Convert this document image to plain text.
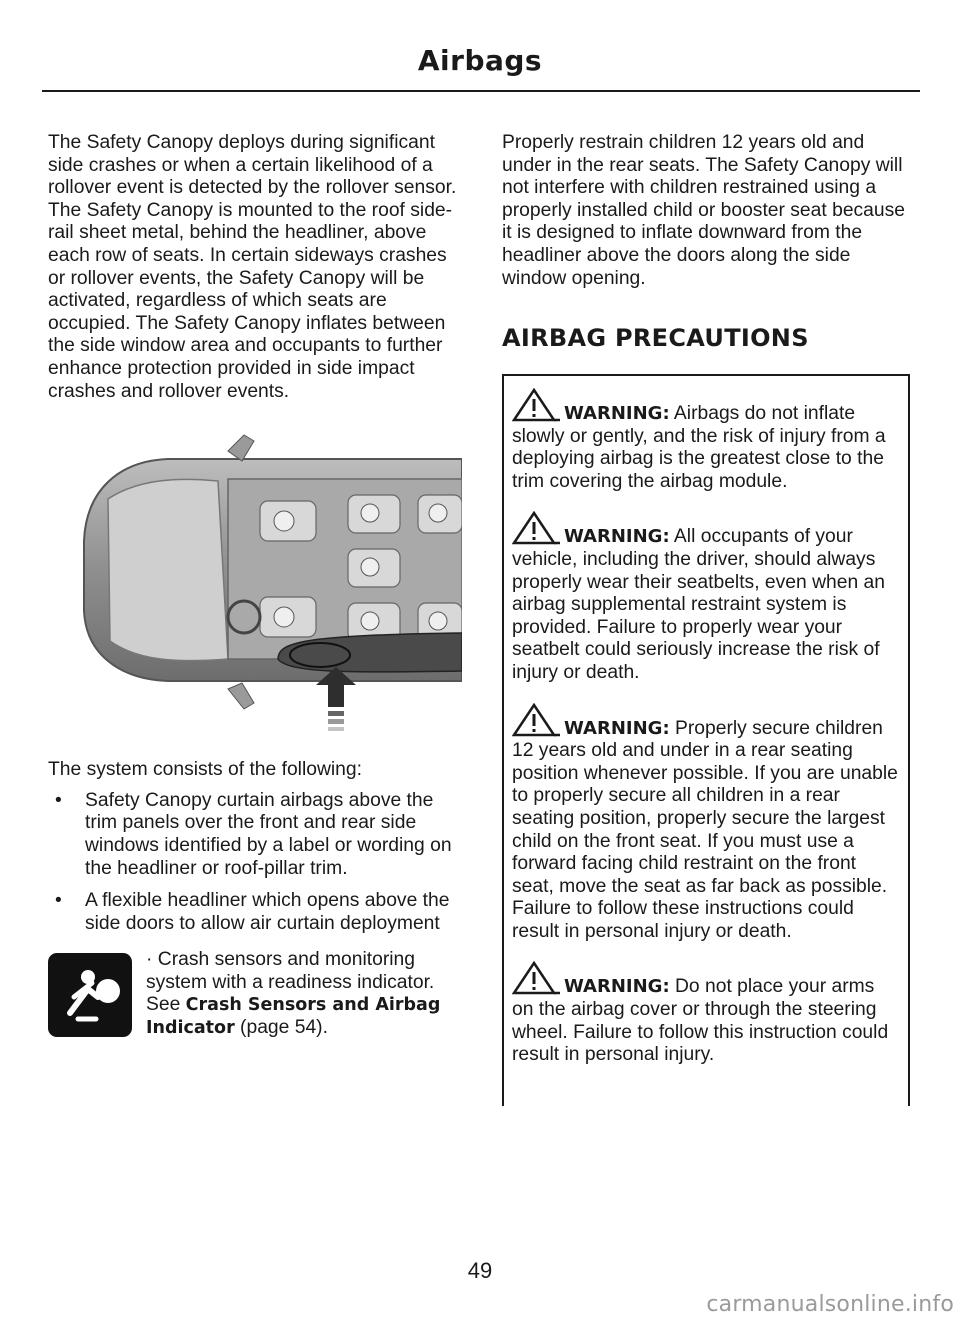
Airbags

The Safety Canopy deploys during significant side crashes or when a certain likelihood of a rollover event is detected by the rollover sensor. The Safety Canopy is mounted to the roof side-rail sheet metal, behind the headliner, above each row of seats. In certain sideways crashes or rollover events, the Safety Canopy will be activated, regardless of which seats are occupied. The Safety Canopy inflates between the side window area and occupants to further enhance protection provided in side impact crashes and rollover events.

The system consists of the following:

• Safety Canopy curtain airbags above the trim panels over the front and rear side windows identified by a label or wording on the headliner or roof-pillar trim.
• A flexible headliner which opens above the side doors to allow air curtain deployment
· Crash sensors and monitoring system with a readiness indicator. See Crash Sensors and Airbag Indicator (page 54).

Properly restrain children 12 years old and under in the rear seats. The Safety Canopy will not interfere with children restrained using a properly installed child or booster seat because it is designed to inflate downward from the headliner above the doors along the side window opening.

AIRBAG PRECAUTIONS
WARNING: Airbags do not inflate slowly or gently, and the risk of injury from a deploying airbag is the greatest close to the trim covering the airbag module.
WARNING: All occupants of your vehicle, including the driver, should always properly wear their seatbelts, even when an airbag supplemental restraint system is provided. Failure to properly wear your seatbelt could seriously increase the risk of injury or death.
WARNING: Properly secure children 12 years old and under in a rear seating position whenever possible. If you are unable to properly secure all children in a rear seating position, properly secure the largest child on the front seat. If you must use a forward facing child restraint on the front seat, move the seat as far back as possible. Failure to follow these instructions could result in personal injury or death.
WARNING: Do not place your arms on the airbag cover or through the steering wheel. Failure to follow this instruction could result in personal injury.
49
carmanualsonline.info
